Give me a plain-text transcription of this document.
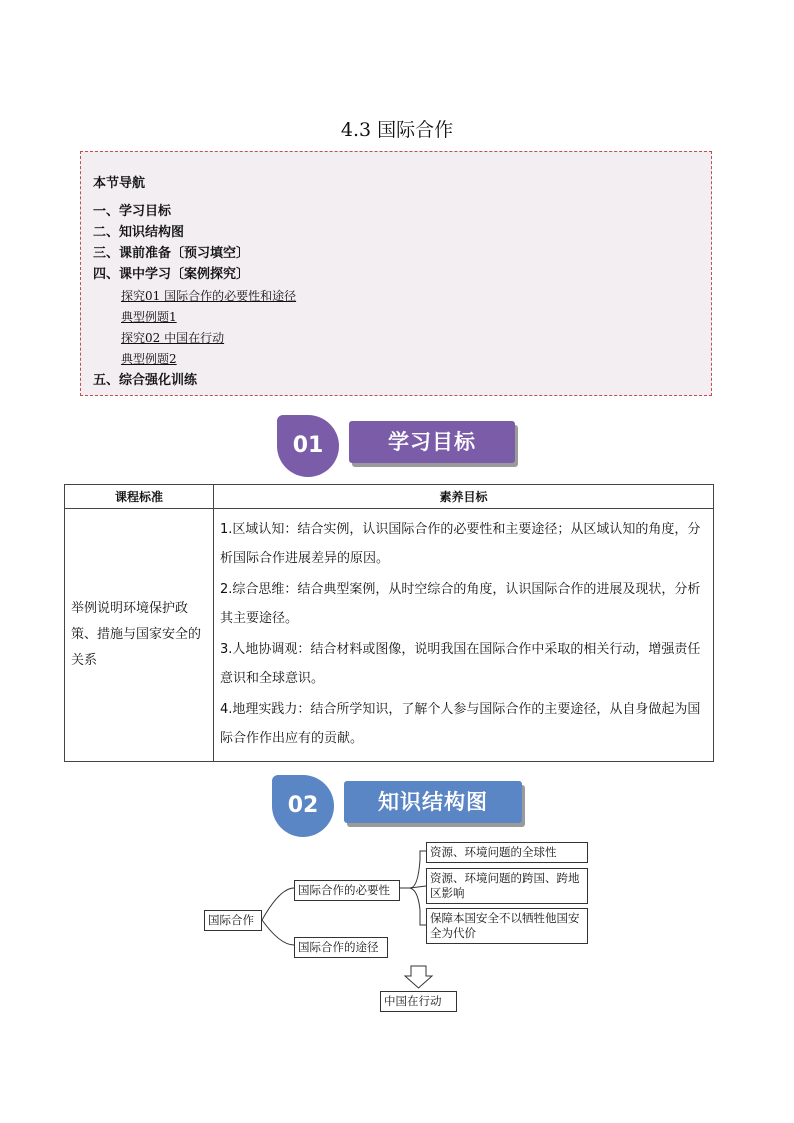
4.3 国际合作
本节导航
一、学习目标
二、知识结构图
三、课前准备〔预习填空〕
四、课中学习〔案例探究〕
探究01 国际合作的必要性和途径
典型例题1
探究02 中国在行动
典型例题2
五、综合强化训练
01	学习目标
课程标准	素养目标
举例说明环境保护政策、措施与国家安全的关系	1.区域认知：结合实例，认识国际合作的必要性和主要途径；从区域认知的角度，分析国际合作进展差异的原因。

2.综合思维：结合典型案例，从时空综合的角度，认识国际合作的进展及现状，分析其主要途径。

3.人地协调观：结合材料或图像，说明我国在国际合作中采取的相关行动，增强责任意识和全球意识。

4.地理实践力：结合所学知识，了解个人参与国际合作的主要途径，从自身做起为国际合作作出应有的贡献。

02	知识结构图
国际合作
国际合作的必要性
国际合作的途径
资源、环境问题的全球性
资源、环境问题的跨国、跨地区影响
保障本国安全不以牺牲他国安全为代价
中国在行动
